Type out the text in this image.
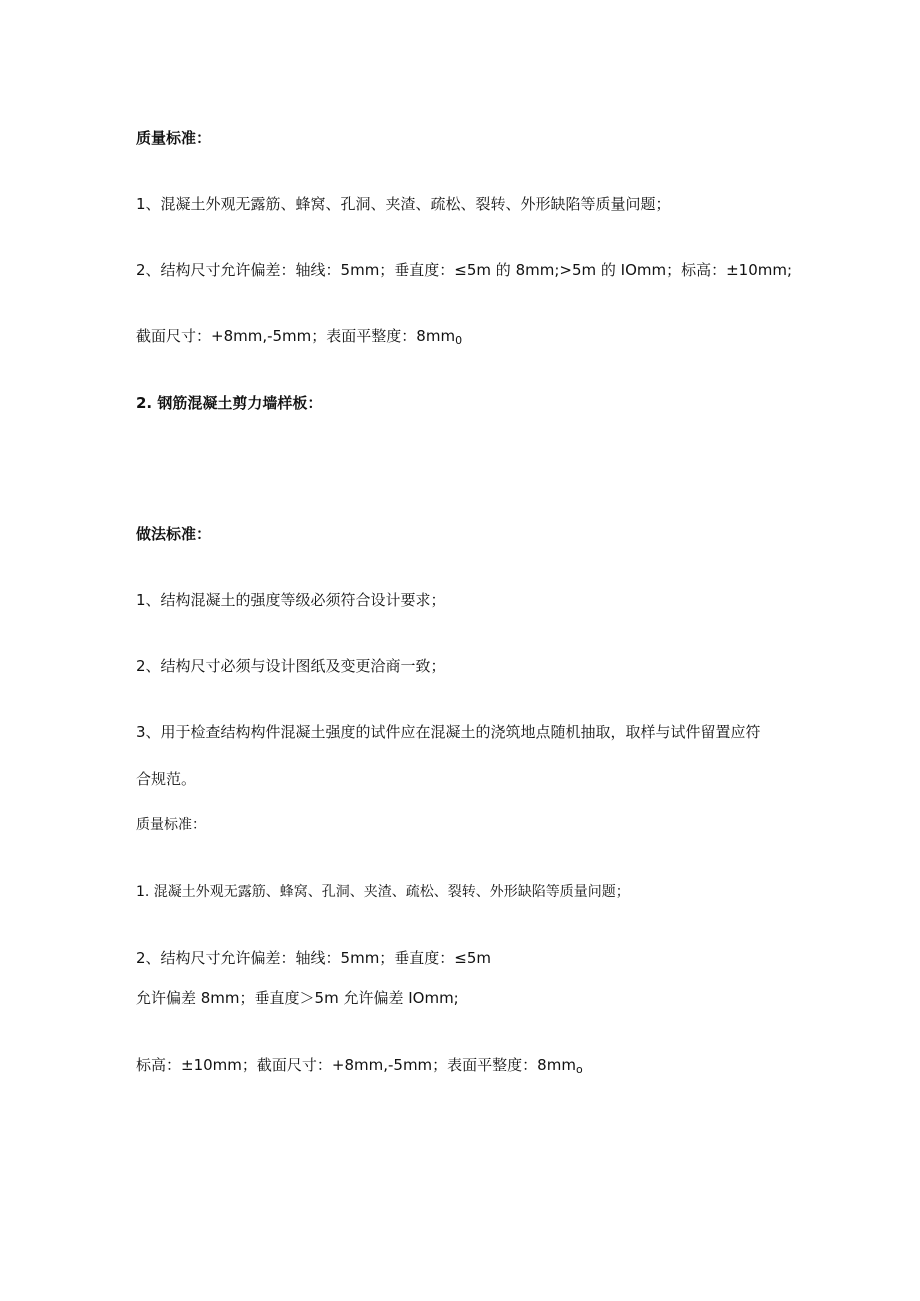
质量标准：

1、混凝土外观无露筋、蜂窝、孔洞、夹渣、疏松、裂转、外形缺陷等质量问题；

2、结构尺寸允许偏差：轴线：5mm；垂直度：≤5m 的 8mm;>5m 的 IOmm；标高：±10mm;

截面尺寸：+8mm,-5mm；表面平整度：$8mm_0$

2. 钢筋混凝土剪力墙样板：

做法标准：

1、结构混凝土的强度等级必须符合设计要求；

2、结构尺寸必须与设计图纸及变更洽商一致；

3、用于检查结构构件混凝土强度的试件应在混凝土的浇筑地点随机抽取，取样与试件留置应符

合规范。

质量标准：

1. 混凝土外观无露筋、蜂窝、孔洞、夹渣、疏松、裂转、外形缺陷等质量问题；

2、结构尺寸允许偏差：轴线：5mm；垂直度：≤5m

允许偏差 8mm；垂直度＞5m 允许偏差 IOmm;

标高：±10mm；截面尺寸：+8mm,-5mm；表面平整度：$8mm_o$
